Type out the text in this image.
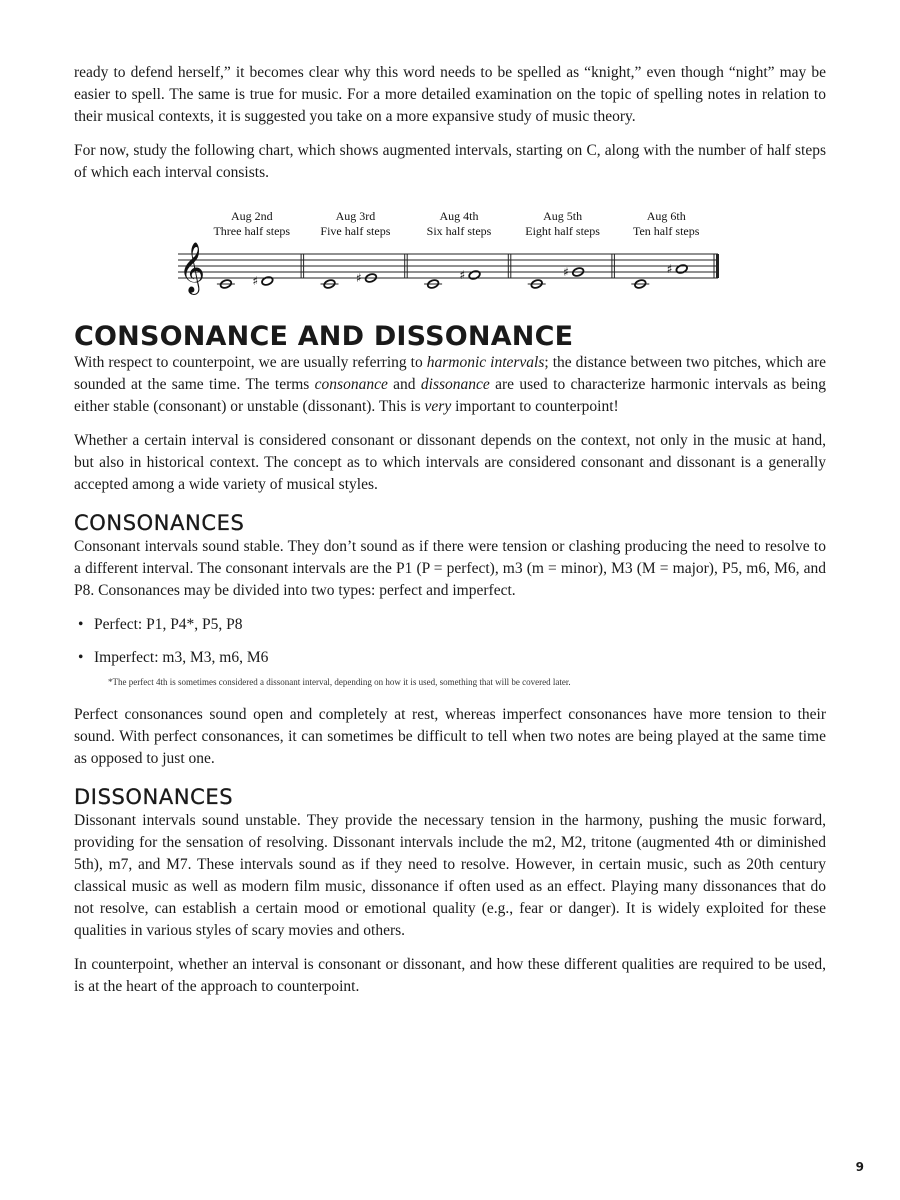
ready to defend herself,” it becomes clear why this word needs to be spelled as “knight,” even though “night” may be easier to spell. The same is true for music. For a more detailed examination on the topic of spelling notes in relation to their musical contexts, it is suggested you take on a more expansive study of music theory.

For now, study the following chart, which shows augmented intervals, starting on C, along with the number of half steps of which each interval consists.

𝄞
Aug 2nd
Three half steps
♯
Aug 3rd
Five half steps
♯
Aug 4th
Six half steps
♯
Aug 5th
Eight half steps
♯
Aug 6th
Ten half steps
♯
CONSONANCE AND DISSONANCE

With respect to counterpoint, we are usually referring to harmonic intervals; the distance between two pitches, which are sounded at the same time. The terms consonance and dissonance are used to characterize harmonic intervals as being either stable (consonant) or unstable (dissonant). This is very important to counterpoint!

Whether a certain interval is considered consonant or dissonant depends on the context, not only in the music at hand, but also in historical context. The concept as to which intervals are considered consonant and dissonant is a generally accepted among a wide variety of musical styles.

CONSONANCES

Consonant intervals sound stable. They don’t sound as if there were tension or clashing producing the need to resolve to a different interval. The consonant intervals are the P1 (P = perfect), m3 (m = minor), M3 (M = major), P5, m6, M6, and P8. Consonances may be divided into two types: perfect and imperfect.

• Perfect: P1, P4*, P5, P8
• Imperfect: m3, M3, m6, M6
*The perfect 4th is sometimes considered a dissonant interval, depending on how it is used, something that will be covered later.

Perfect consonances sound open and completely at rest, whereas imperfect consonances have more tension to their sound. With perfect consonances, it can sometimes be difficult to tell when two notes are being played at the same time as opposed to just one.

DISSONANCES

Dissonant intervals sound unstable. They provide the necessary tension in the harmony, pushing the music forward, providing for the sensation of resolving. Dissonant intervals include the m2, M2, tritone (augmented 4th or diminished 5th), m7, and M7. These intervals sound as if they need to resolve. However, in certain music, such as 20th century classical music as well as modern film music, dissonance if often used as an effect. Playing many dissonances that do not resolve, can establish a certain mood or emotional quality (e.g., fear or danger). It is widely exploited for these qualities in various styles of scary movies and others.

In counterpoint, whether an interval is consonant or dissonant, and how these different qualities are required to be used, is at the heart of the approach to counterpoint.

9
